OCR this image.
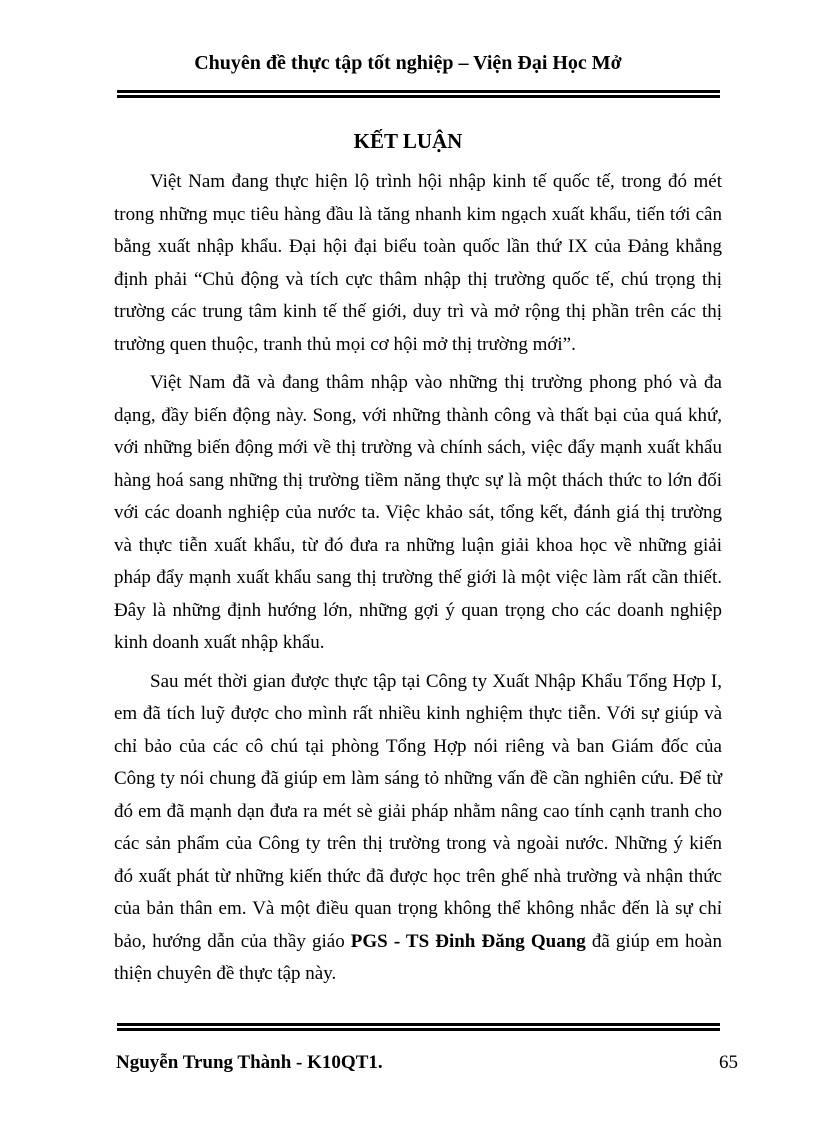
Chuyên đề thực tập tốt nghiệp – Viện Đại Học Mở
KẾT LUẬN

Việt Nam đang thực hiện lộ trình hội nhập kinh tế quốc tế, trong đó mét trong những mục tiêu hàng đầu là tăng nhanh kim ngạch xuất khẩu, tiến tới cân bằng xuất nhập khẩu. Đại hội đại biểu toàn quốc lần thứ IX của Đảng khẳng định phải “Chủ động và tích cực thâm nhập thị trường quốc tế, chú trọng thị trường các trung tâm kinh tế thế giới, duy trì và mở rộng thị phần trên các thị trường quen thuộc, tranh thủ mọi cơ hội mở thị trường mới”.

Việt Nam đã và đang thâm nhập vào những thị trường phong phó và đa dạng, đầy biến động này. Song, với những thành công và thất bại của quá khứ, với những biến động mới về thị trường và chính sách, việc đẩy mạnh xuất khẩu hàng hoá sang những thị trường tiềm năng thực sự là một thách thức to lớn đối với các doanh nghiệp của nước ta. Việc khảo sát, tổng kết, đánh giá thị trường và thực tiễn xuất khẩu, từ đó đưa ra những luận giải khoa học về những giải pháp đẩy mạnh xuất khẩu sang thị trường thế giới là một việc làm rất cần thiết. Đây là những định hướng lớn, những gợi ý quan trọng cho các doanh nghiệp kinh doanh xuất nhập khẩu.

Sau mét thời gian được thực tập tại Công ty Xuất Nhập Khẩu Tổng Hợp I, em đã tích luỹ được cho mình rất nhiều kinh nghiệm thực tiễn. Với sự giúp và chỉ bảo của các cô chú tại phòng Tổng Hợp nói riêng và ban Giám đốc của Công ty nói chung đã giúp em làm sáng tỏ những vấn đề cần nghiên cứu. Để từ đó em đã mạnh dạn đưa ra mét sè giải pháp nhằm nâng cao tính cạnh tranh cho các sản phẩm của Công ty trên thị trường trong và ngoài nước. Những ý kiến đó xuất phát từ những kiến thức đã được học trên ghế nhà trường và nhận thức của bản thân em. Và một điều quan trọng không thể không nhắc đến là sự chỉ bảo, hướng dẫn của thầy giáo PGS - TS Đinh Đăng Quang đã giúp em hoàn thiện chuyên đề thực tập này.

Nguyễn Trung Thành - K10QT1.	65
